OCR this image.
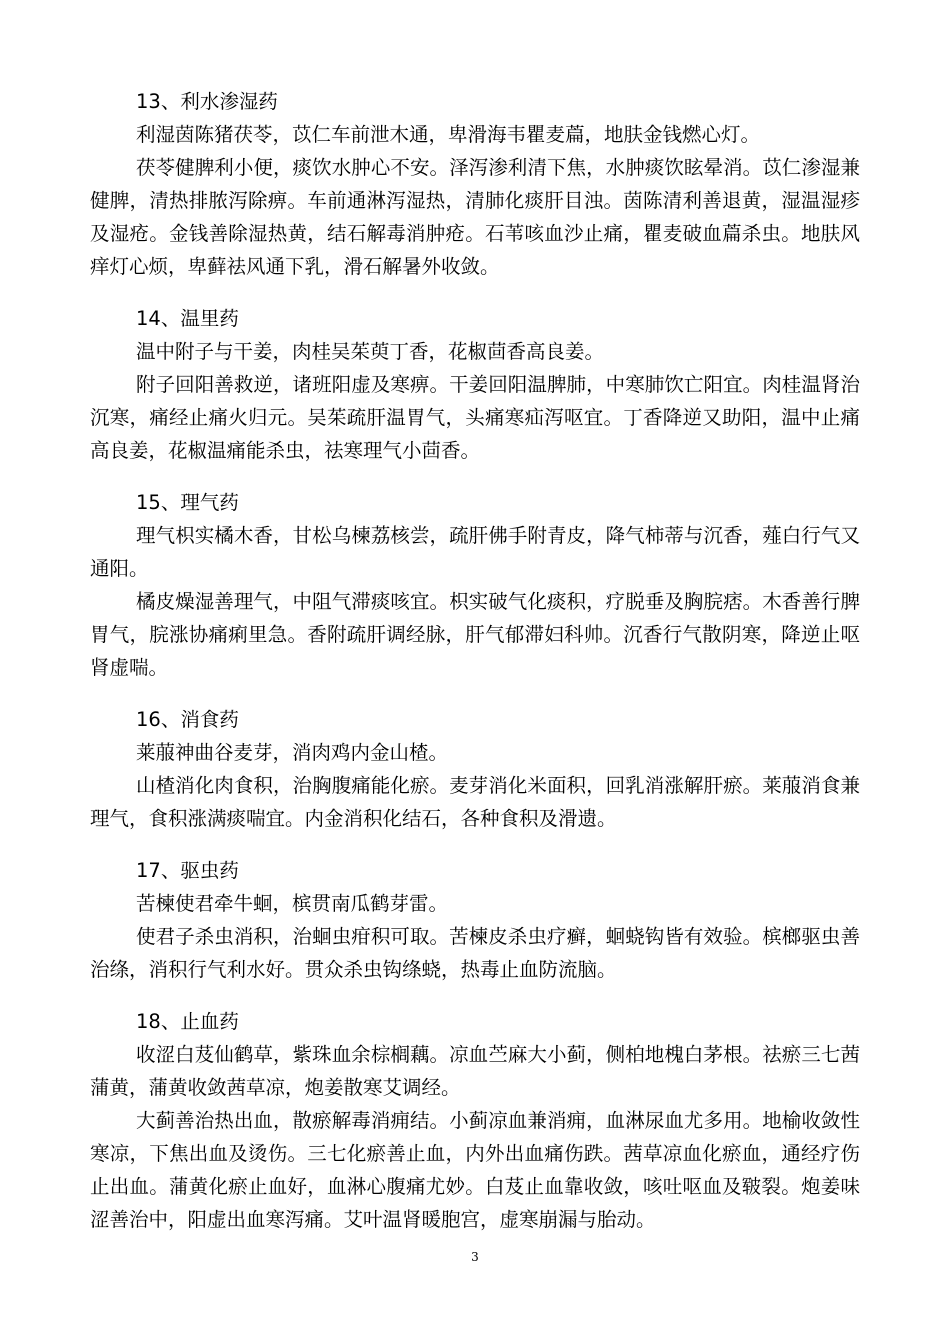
13、利水渗湿药

利湿茵陈猪茯苓，苡仁车前泄木通，卑滑海韦瞿麦萹，地肤金钱燃心灯。

茯苓健脾利小便，痰饮水肿心不安。泽泻渗利清下焦，水肿痰饮眩晕消。苡仁渗湿兼健脾，清热排脓泻除痹。车前通淋泻湿热，清肺化痰肝目浊。茵陈清利善退黄，湿温湿疹及湿疮。金钱善除湿热黄，结石解毒消肿疮。石苇咳血沙止痛，瞿麦破血萹杀虫。地肤风痒灯心烦，卑藓祛风通下乳，滑石解暑外收敛。

14、温里药

温中附子与干姜，肉桂吴茱萸丁香，花椒茴香高良姜。

附子回阳善救逆，诸班阳虚及寒痹。干姜回阳温脾肺，中寒肺饮亡阳宜。肉桂温肾治沉寒，痛经止痛火归元。吴茱疏肝温胃气，头痛寒疝泻呕宜。丁香降逆又助阳，温中止痛高良姜，花椒温痛能杀虫，祛寒理气小茴香。

15、理气药

理气枳实橘木香，甘松乌楝荔核尝，疏肝佛手附青皮，降气柿蒂与沉香，薤白行气又通阳。

橘皮燥湿善理气，中阻气滞痰咳宜。枳实破气化痰积，疗脱垂及胸脘痞。木香善行脾胃气，脘涨协痛痢里急。香附疏肝调经脉，肝气郁滞妇科帅。沉香行气散阴寒，降逆止呕肾虚喘。

16、消食药

莱菔神曲谷麦芽，消肉鸡内金山楂。

山楂消化肉食积，治胸腹痛能化瘀。麦芽消化米面积，回乳消涨解肝瘀。莱菔消食兼理气，食积涨满痰喘宜。内金消积化结石，各种食积及滑遗。

17、驱虫药

苦楝使君牵牛蛔，槟贯南瓜鹤芽雷。

使君子杀虫消积，治蛔虫疳积可取。苦楝皮杀虫疗癣，蛔蛲钩皆有效验。槟榔驱虫善治绦，消积行气利水好。贯众杀虫钩绦蛲，热毒止血防流脑。

18、止血药

收涩白芨仙鹤草，紫珠血余棕榈藕。凉血苎麻大小蓟，侧柏地槐白茅根。祛瘀三七茜蒲黄，蒲黄收敛茜草凉，炮姜散寒艾调经。

大蓟善治热出血，散瘀解毒消痈结。小蓟凉血兼消痈，血淋尿血尤多用。地榆收敛性寒凉，下焦出血及烫伤。三七化瘀善止血，内外出血痛伤跌。茜草凉血化瘀血，通经疗伤止出血。蒲黄化瘀止血好，血淋心腹痛尤妙。白芨止血靠收敛，咳吐呕血及皲裂。炮姜味涩善治中，阳虚出血寒泻痛。艾叶温肾暖胞宫，虚寒崩漏与胎动。

3
